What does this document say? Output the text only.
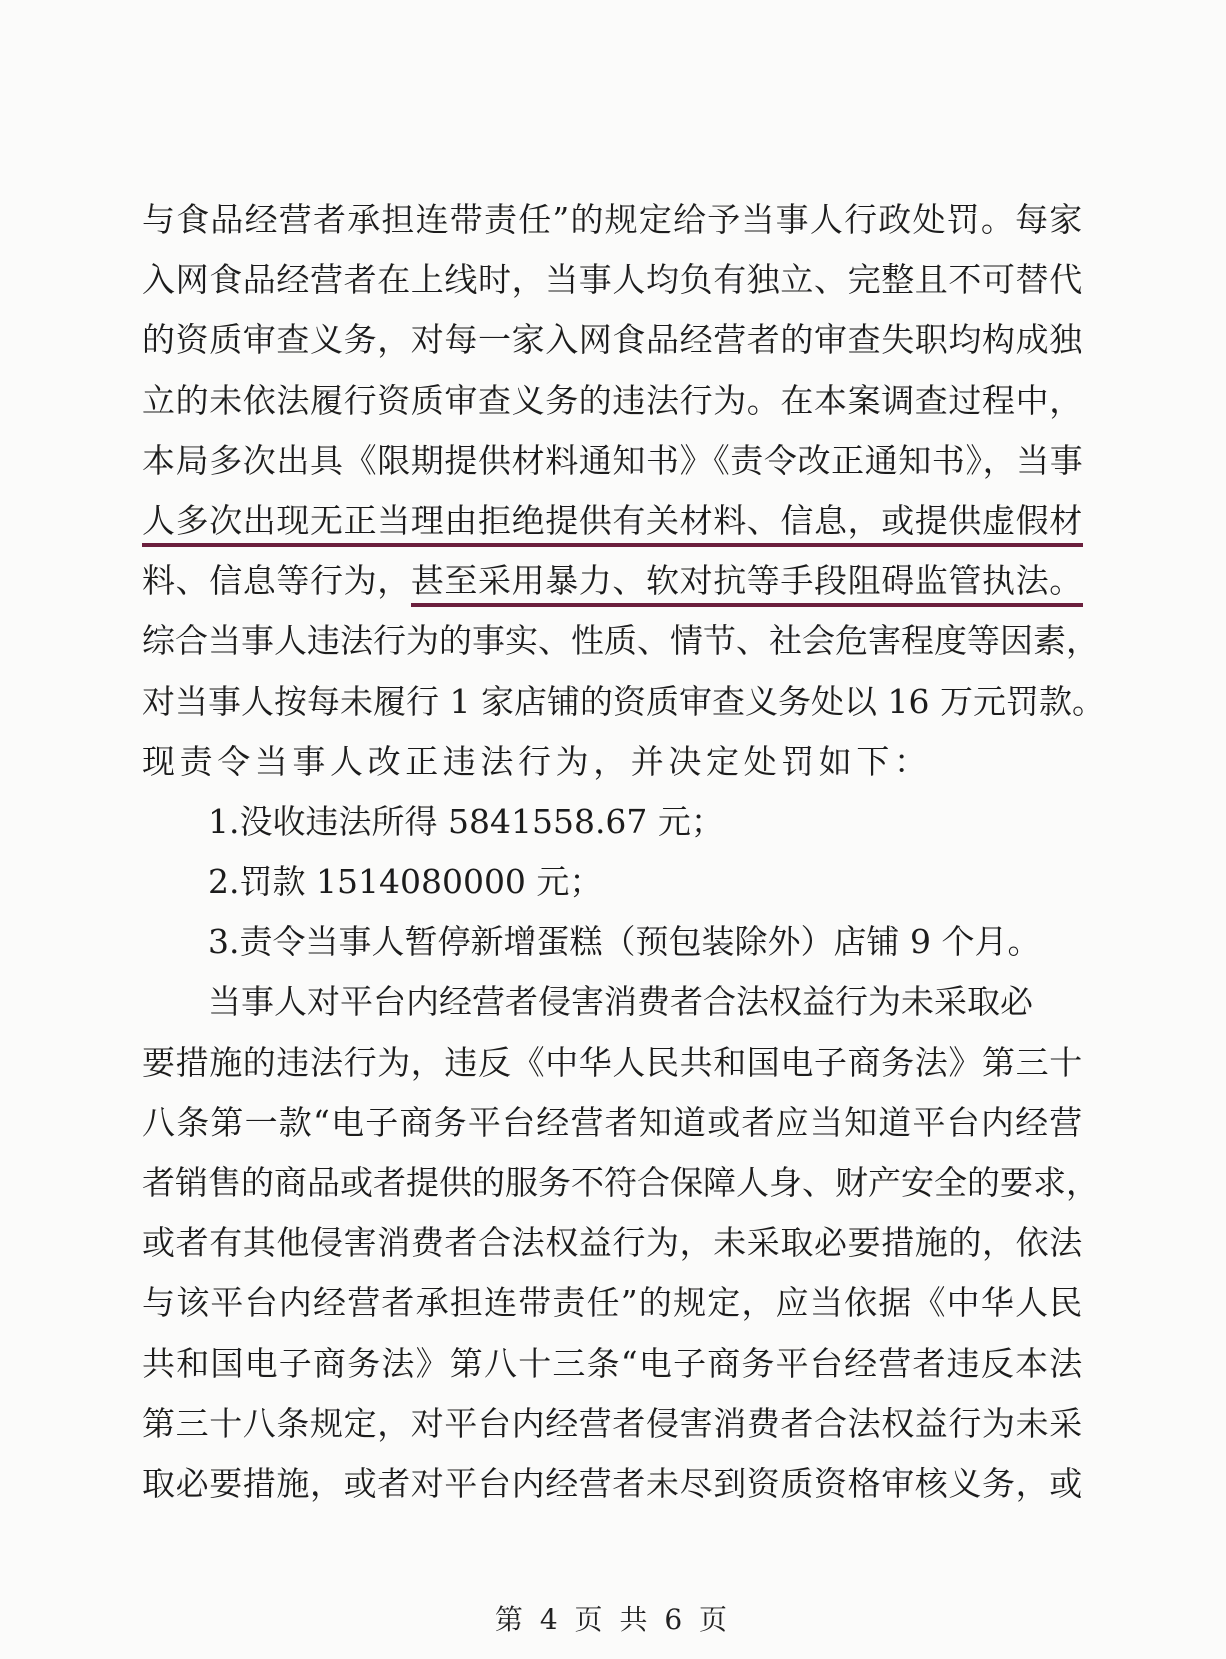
与食品经营者承担连带责任”的规定给予当事人行政处罚。每家
入网食品经营者在上线时，当事人均负有独立、完整且不可替代
的资质审查义务，对每一家入网食品经营者的审查失职均构成独
立的未依法履行资质审查义务的违法行为。在本案调查过程中，
本局多次出具《限期提供材料通知书》《责令改正通知书》，当事
人多次出现无正当理由拒绝提供有关材料、信息，或提供虚假材
料、信息等行为，甚至采用暴力、软对抗等手段阻碍监管执法。
综合当事人违法行为的事实、性质、情节、社会危害程度等因素，
对当事人按每未履行 1 家店铺的资质审查义务处以 16 万元罚款。
现责令当事人改正违法行为，并决定处罚如下：
1.没收违法所得 5841558.67 元；
2.罚款 1514080000 元；
3.责令当事人暂停新增蛋糕（预包装除外）店铺 9 个月。
当事人对平台内经营者侵害消费者合法权益行为未采取必
要措施的违法行为，违反《中华人民共和国电子商务法》第三十
八条第一款“电子商务平台经营者知道或者应当知道平台内经营
者销售的商品或者提供的服务不符合保障人身、财产安全的要求，
或者有其他侵害消费者合法权益行为，未采取必要措施的，依法
与该平台内经营者承担连带责任”的规定，应当依据《中华人民
共和国电子商务法》第八十三条“电子商务平台经营者违反本法
第三十八条规定，对平台内经营者侵害消费者合法权益行为未采
取必要措施，或者对平台内经营者未尽到资质资格审核义务，或
第 4 页 共 6 页
